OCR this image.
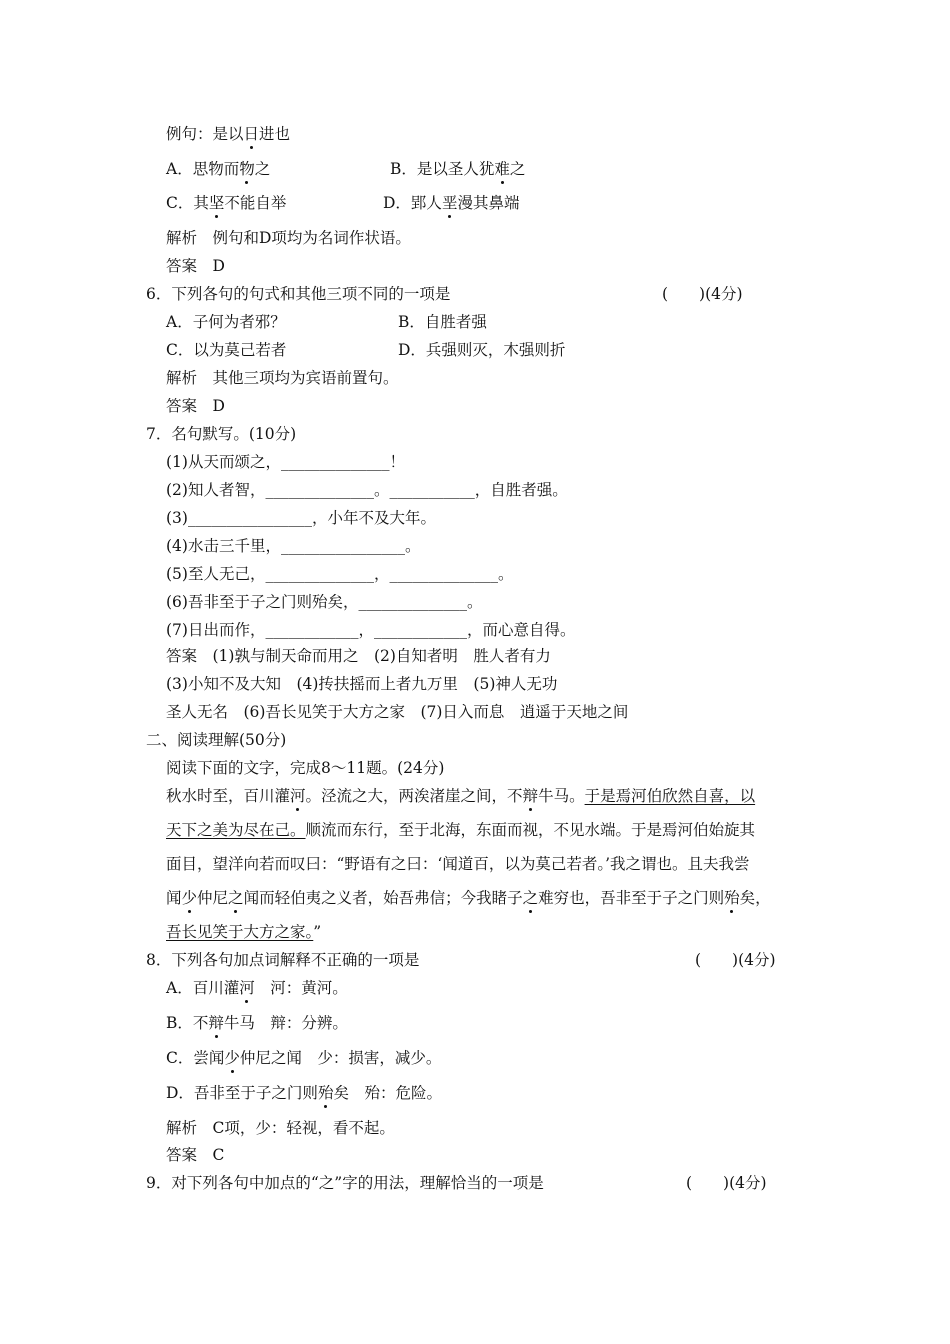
例句：是以日进也
A．思物而物之	B．是以圣人犹难之
C．其坚不能自举	D．郢人垩漫其鼻端
解析　例句和D项均为名词作状语。
答案　D
6．下列各句的句式和其他三项不同的一项是	(　　)(4分)
A．子何为者邪？	B．自胜者强
C．以为莫己若者	D．兵强则灭，木强则折
解析　其他三项均为宾语前置句。
答案　D
7．名句默写。(10分)
(1)从天而颂之，______________！
(2)知人者智，______________。___________，自胜者强。
(3)________________，小年不及大年。
(4)水击三千里，________________。
(5)至人无己，______________，______________。
(6)吾非至于子之门则殆矣，______________。
(7)日出而作，____________，____________，而心意自得。
答案　(1)孰与制天命而用之　(2)自知者明　胜人者有力
(3)小知不及大知　(4)抟扶摇而上者九万里　(5)神人无功
圣人无名　(6)吾长见笑于大方之家　(7)日入而息　逍遥于天地之间
二、阅读理解(50分)
阅读下面的文字，完成8～11题。(24分)
秋水时至，百川灌河。泾流之大，两涘渚崖之间，不辩牛马。于是焉河伯欣然自喜，以
天下之美为尽在己。顺流而东行，至于北海，东面而视，不见水端。于是焉河伯始旋其
面目，望洋向若而叹曰：“野语有之曰：‘闻道百，以为莫己若者。’我之谓也。且夫我尝
闻少仲尼之闻而轻伯夷之义者，始吾弗信；今我睹子之难穷也，吾非至于子之门则殆矣，
吾长见笑于大方之家。”
8．下列各句加点词解释不正确的一项是	(　　)(4分)
A．百川灌河　河：黄河。
B．不辩牛马　辩：分辨。
C．尝闻少仲尼之闻　少：损害，减少。
D．吾非至于子之门则殆矣　殆：危险。
解析　C项，少：轻视，看不起。
答案　C
9．对下列各句中加点的“之”字的用法，理解恰当的一项是	(　　)(4分)
